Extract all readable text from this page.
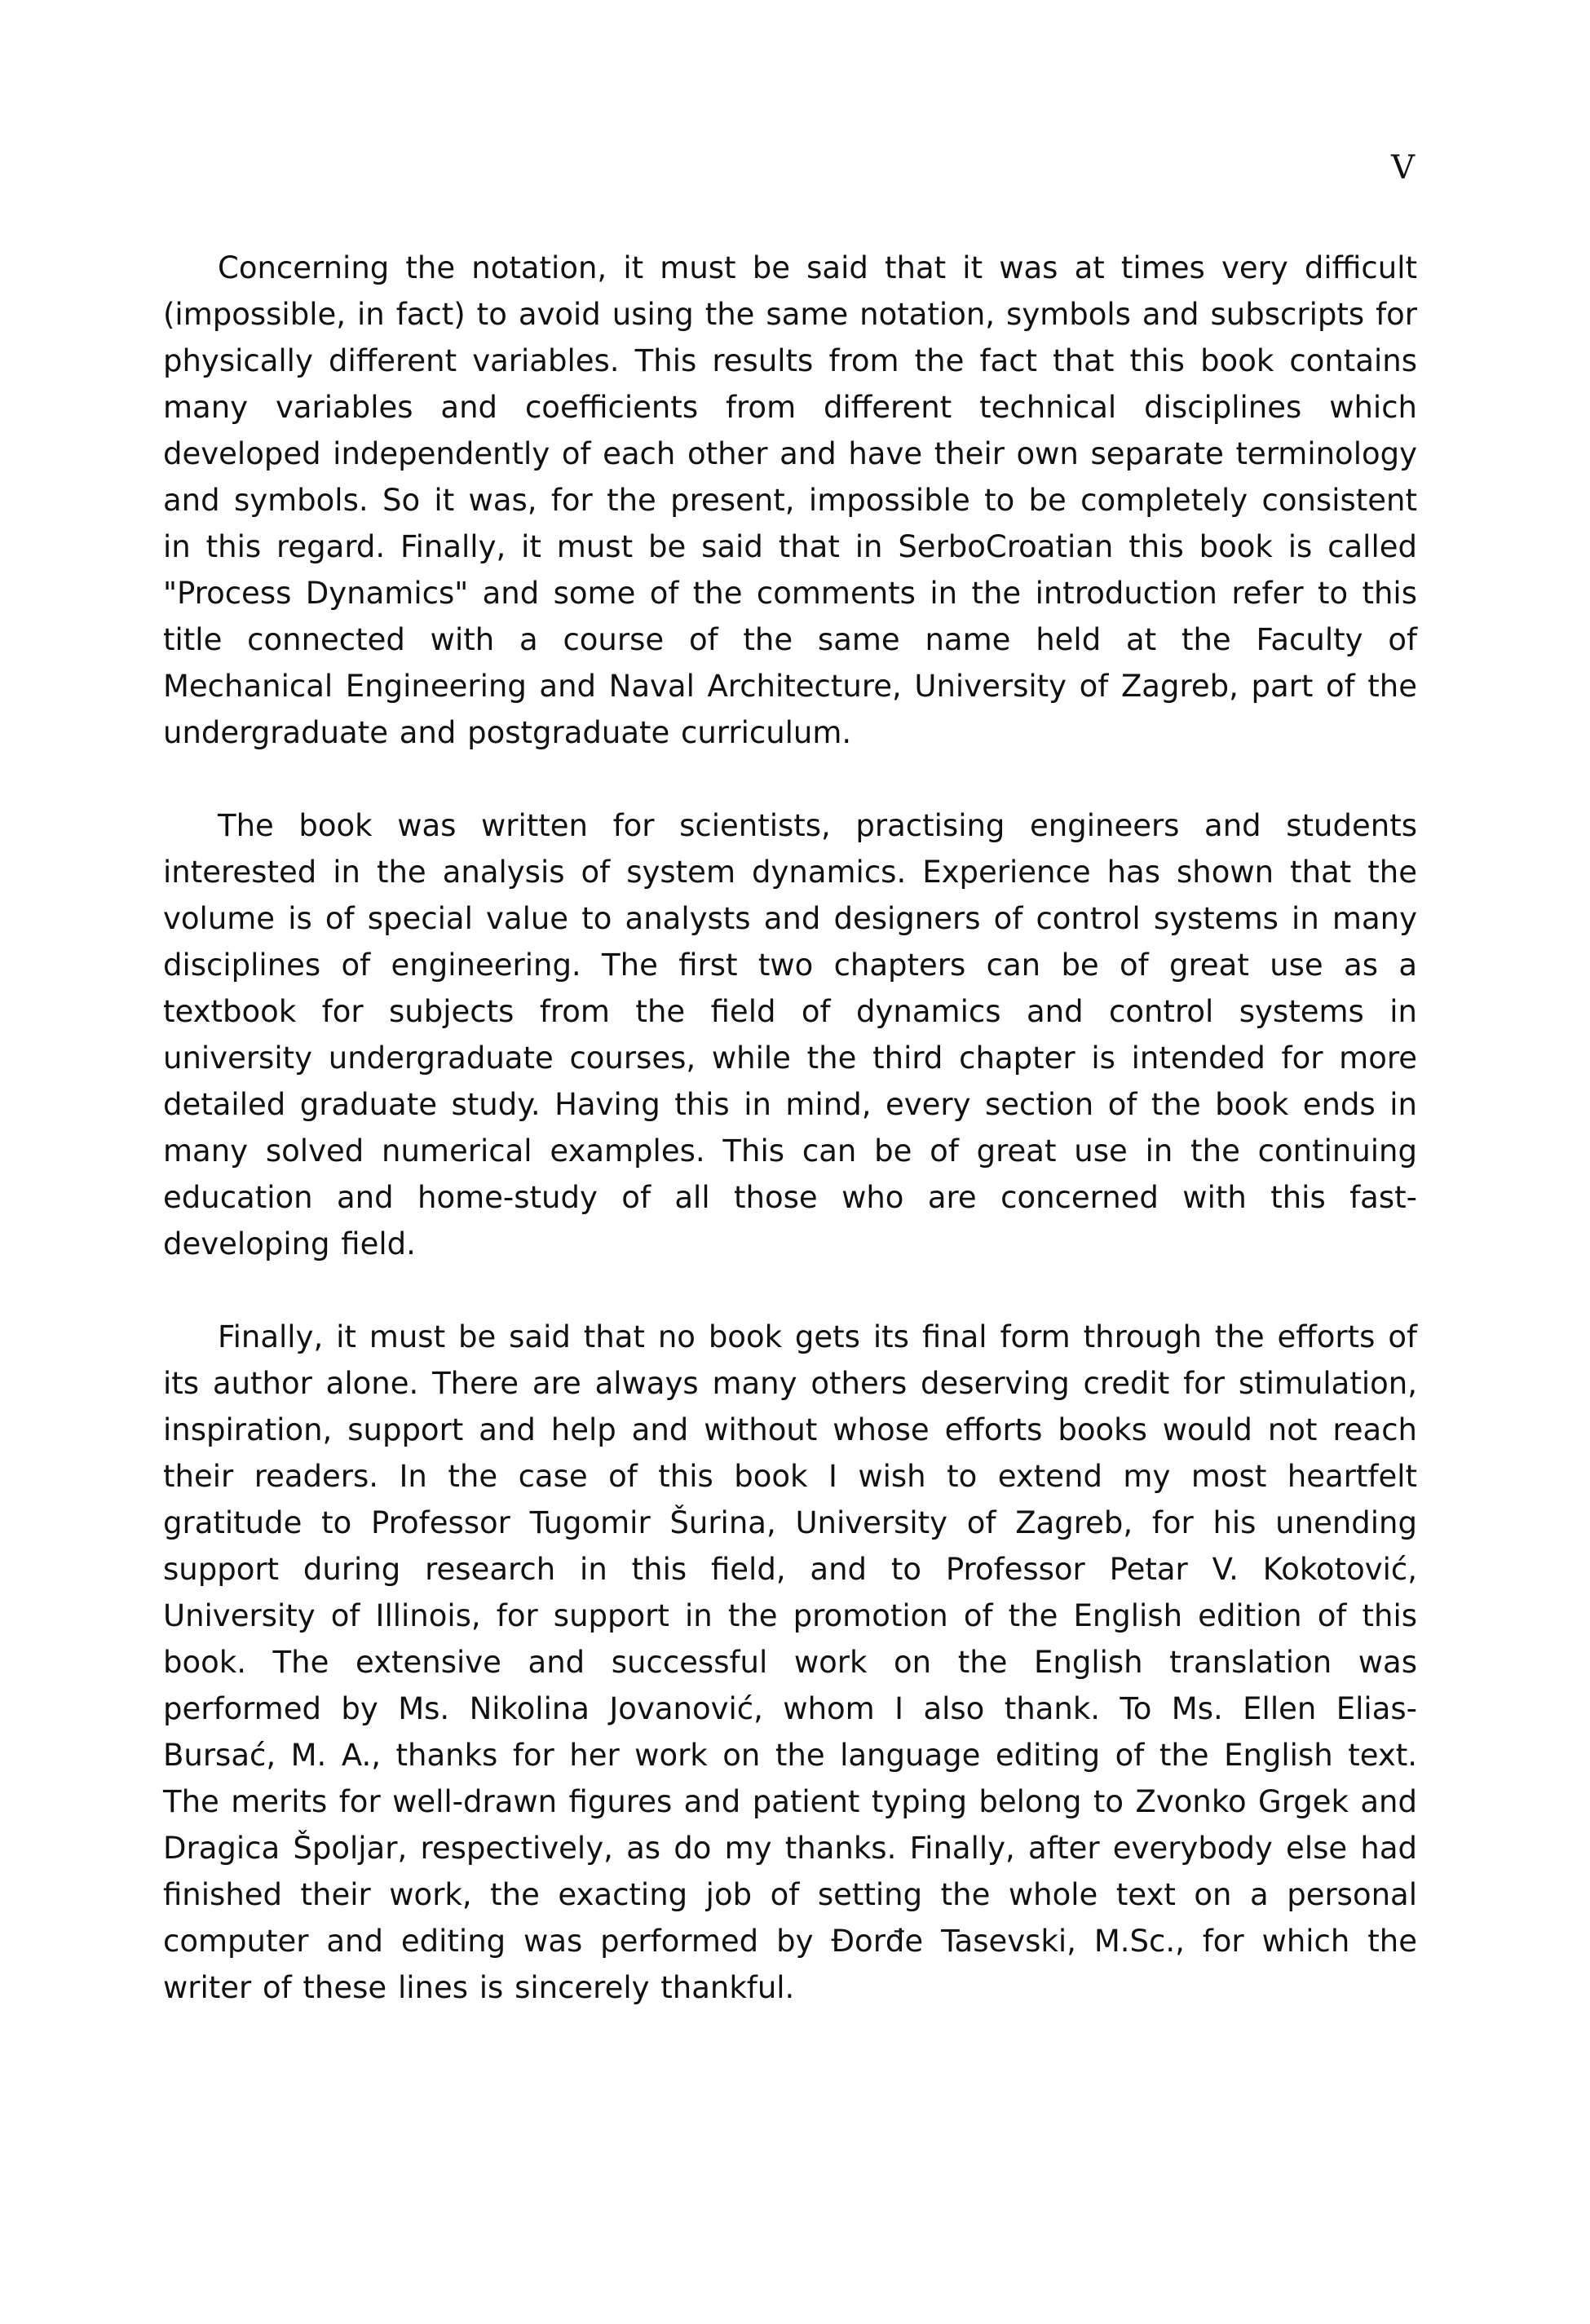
V

Concerning the notation, it must be said that it was at times very difficult (impossible, in fact) to avoid using the same notation, symbols and subscripts for physically different variables. This results from the fact that this book contains many variables and coefficients from different technical disciplines which developed independently of each other and have their own separate terminology and symbols. So it was, for the present, impossible to be completely consistent in this regard. Finally, it must be said that in SerboCroatian this book is called "Process Dynamics" and some of the comments in the introduction refer to this title connected with a course of the same name held at the Faculty of Mechanical Engineering and Naval Architecture, University of Zagreb, part of the undergraduate and postgraduate curriculum.

The book was written for scientists, practising engineers and students interested in the analysis of system dynamics. Experience has shown that the volume is of special value to analysts and designers of control systems in many disciplines of engineering. The first two chapters can be of great use as a textbook for subjects from the field of dynamics and control systems in university undergraduate courses, while the third chapter is intended for more detailed graduate study. Having this in mind, every section of the book ends in many solved numerical examples. This can be of great use in the continuing education and home-study of all those who are concerned with this fast-developing field.

Finally, it must be said that no book gets its final form through the efforts of its author alone. There are always many others deserving credit for stimulation, inspiration, support and help and without whose efforts books would not reach their readers. In the case of this book I wish to extend my most heartfelt gratitude to Professor Tugomir Šurina, University of Zagreb, for his unending support during research in this field, and to Professor Petar V. Kokotović, University of Illinois, for support in the promotion of the English edition of this book. The extensive and successful work on the English translation was performed by Ms. Nikolina Jovanović, whom I also thank. To Ms. Ellen Elias-Bursać, M. A., thanks for her work on the language editing of the English text. The merits for well-drawn figures and patient typing belong to Zvonko Grgek and Dragica Špoljar, respectively, as do my thanks. Finally, after everybody else had finished their work, the exacting job of setting the whole text on a personal computer and editing was performed by Đorđe Tasevski, M.Sc., for which the writer of these lines is sincerely thankful.
